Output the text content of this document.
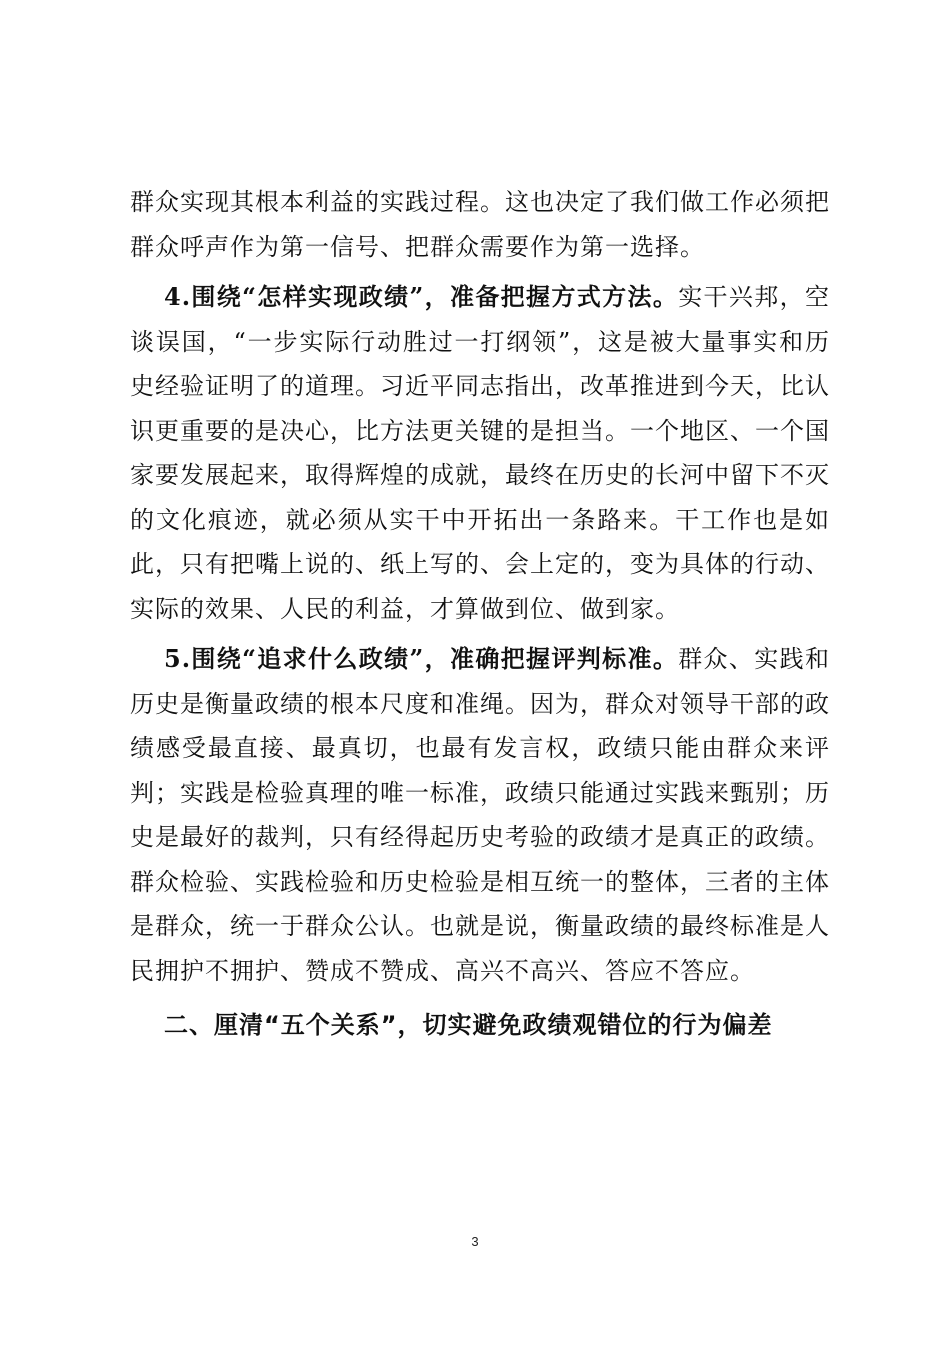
群众实现其根本利益的实践过程。这也决定了我们做工作必须把群众呼声作为第一信号、把群众需要作为第一选择。

4.围绕“怎样实现政绩”，准备把握方式方法。实干兴邦，空谈误国，“一步实际行动胜过一打纲领”，这是被大量事实和历史经验证明了的道理。习近平同志指出，改革推进到今天，比认识更重要的是决心，比方法更关键的是担当。一个地区、一个国家要发展起来，取得辉煌的成就，最终在历史的长河中留下不灭的文化痕迹，就必须从实干中开拓出一条路来。干工作也是如此，只有把嘴上说的、纸上写的、会上定的，变为具体的行动、实际的效果、人民的利益，才算做到位、做到家。

5.围绕“追求什么政绩”，准确把握评判标准。群众、实践和历史是衡量政绩的根本尺度和准绳。因为，群众对领导干部的政绩感受最直接、最真切，也最有发言权，政绩只能由群众来评判；实践是检验真理的唯一标准，政绩只能通过实践来甄别；历史是最好的裁判，只有经得起历史考验的政绩才是真正的政绩。群众检验、实践检验和历史检验是相互统一的整体，三者的主体是群众，统一于群众公认。也就是说，衡量政绩的最终标准是人民拥护不拥护、赞成不赞成、高兴不高兴、答应不答应。

二、厘清“五个关系”，切实避免政绩观错位的行为偏差

3
